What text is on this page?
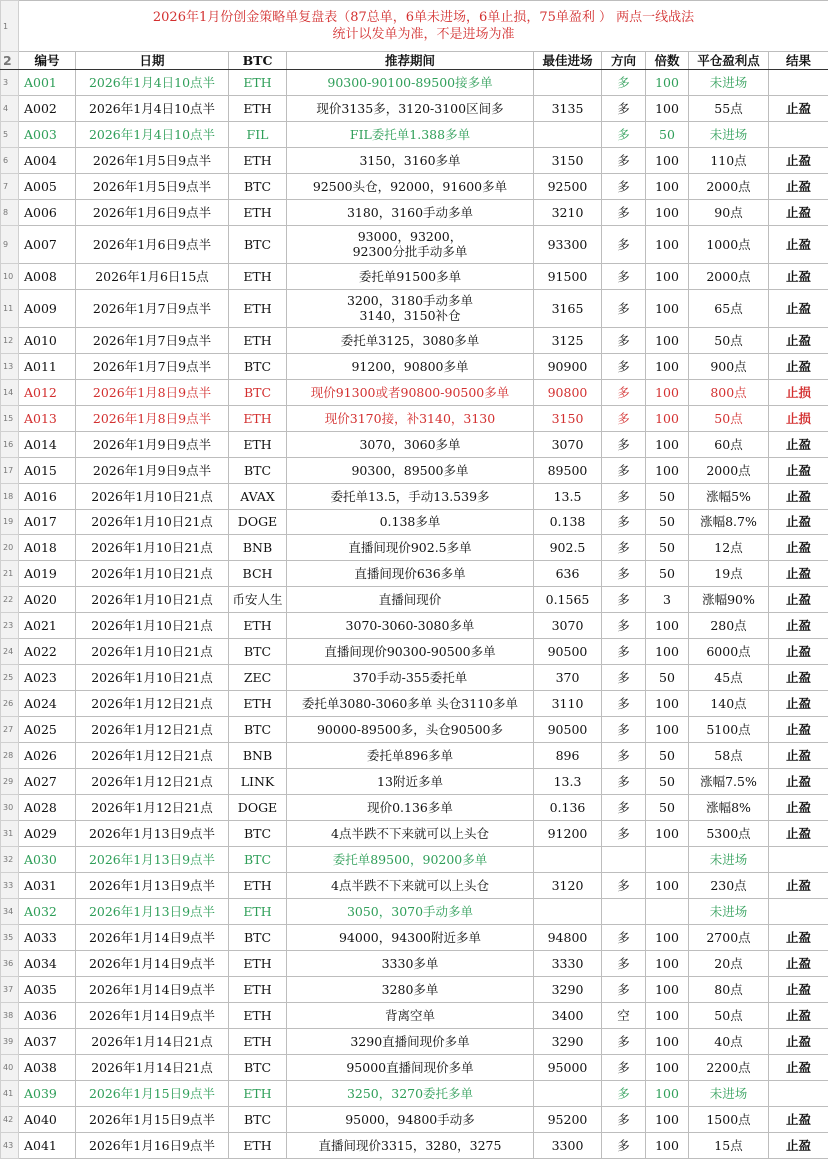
1	2026年1月份创金策略单复盘表（87总单，6单未进场，6单止损，75单盈利 ） 两点一线战法
统计以发单为准，不是进场为准								

2	编号	日期	BTC	推荐期间	最佳进场	方向	倍数	平仓盈利点	结果
3	A001	2026年1月4日10点半	ETH	90300-90100-89500接多单		多	100	未进场	
4	A002	2026年1月4日10点半	ETH	现价3135多，3120-3100区间多	3135	多	100	55点	止盈
5	A003	2026年1月4日10点半	FIL	FIL委托单1.388多单		多	50	未进场	
6	A004	2026年1月5日9点半	ETH	3150，3160多单	3150	多	100	110点	止盈
7	A005	2026年1月5日9点半	BTC	92500头仓，92000，91600多单	92500	多	100	2000点	止盈
8	A006	2026年1月6日9点半	ETH	3180，3160手动多单	3210	多	100	90点	止盈
9	A007	2026年1月6日9点半	BTC	93000，93200，
92300分批手动多单	93300	多	100	1000点	止盈
10	A008	2026年1月6日15点	ETH	委托单91500多单	91500	多	100	2000点	止盈
11	A009	2026年1月7日9点半	ETH	3200，3180手动多单
3140，3150补仓	3165	多	100	65点	止盈
12	A010	2026年1月7日9点半	ETH	委托单3125，3080多单	3125	多	100	50点	止盈
13	A011	2026年1月7日9点半	BTC	91200，90800多单	90900	多	100	900点	止盈
14	A012	2026年1月8日9点半	BTC	现价91300或者90800-90500多单	90800	多	100	800点	止损
15	A013	2026年1月8日9点半	ETH	现价3170接，补3140，3130	3150	多	100	50点	止损
16	A014	2026年1月9日9点半	ETH	3070，3060多单	3070	多	100	60点	止盈
17	A015	2026年1月9日9点半	BTC	90300，89500多单	89500	多	100	2000点	止盈
18	A016	2026年1月10日21点	AVAX	委托单13.5，手动13.539多	13.5	多	50	涨幅5%	止盈
19	A017	2026年1月10日21点	DOGE	0.138多单	0.138	多	50	涨幅8.7%	止盈
20	A018	2026年1月10日21点	BNB	直播间现价902.5多单	902.5	多	50	12点	止盈
21	A019	2026年1月10日21点	BCH	直播间现价636多单	636	多	50	19点	止盈
22	A020	2026年1月10日21点	币安人生	直播间现价	0.1565	多	3	涨幅90%	止盈
23	A021	2026年1月10日21点	ETH	3070-3060-3080多单	3070	多	100	280点	止盈
24	A022	2026年1月10日21点	BTC	直播间现价90300-90500多单	90500	多	100	6000点	止盈
25	A023	2026年1月10日21点	ZEC	370手动-355委托单	370	多	50	45点	止盈
26	A024	2026年1月12日21点	ETH	委托单3080-3060多单 头仓3110多单	3110	多	100	140点	止盈
27	A025	2026年1月12日21点	BTC	90000-89500多，头仓90500多	90500	多	100	5100点	止盈
28	A026	2026年1月12日21点	BNB	委托单896多单	896	多	50	58点	止盈
29	A027	2026年1月12日21点	LINK	13附近多单	13.3	多	50	涨幅7.5%	止盈
30	A028	2026年1月12日21点	DOGE	现价0.136多单	0.136	多	50	涨幅8%	止盈
31	A029	2026年1月13日9点半	BTC	4点半跌不下来就可以上头仓	91200	多	100	5300点	止盈
32	A030	2026年1月13日9点半	BTC	委托单89500，90200多单				未进场	
33	A031	2026年1月13日9点半	ETH	4点半跌不下来就可以上头仓	3120	多	100	230点	止盈
34	A032	2026年1月13日9点半	ETH	3050，3070手动多单				未进场	
35	A033	2026年1月14日9点半	BTC	94000，94300附近多单	94800	多	100	2700点	止盈
36	A034	2026年1月14日9点半	ETH	3330多单	3330	多	100	20点	止盈
37	A035	2026年1月14日9点半	ETH	3280多单	3290	多	100	80点	止盈
38	A036	2026年1月14日9点半	ETH	背离空单	3400	空	100	50点	止盈
39	A037	2026年1月14日21点	ETH	3290直播间现价多单	3290	多	100	40点	止盈
40	A038	2026年1月14日21点	BTC	95000直播间现价多单	95000	多	100	2200点	止盈
41	A039	2026年1月15日9点半	ETH	3250，3270委托多单		多	100	未进场	
42	A040	2026年1月15日9点半	BTC	95000，94800手动多	95200	多	100	1500点	止盈
43	A041	2026年1月16日9点半	ETH	直播间现价3315，3280，3275	3300	多	100	15点	止盈
